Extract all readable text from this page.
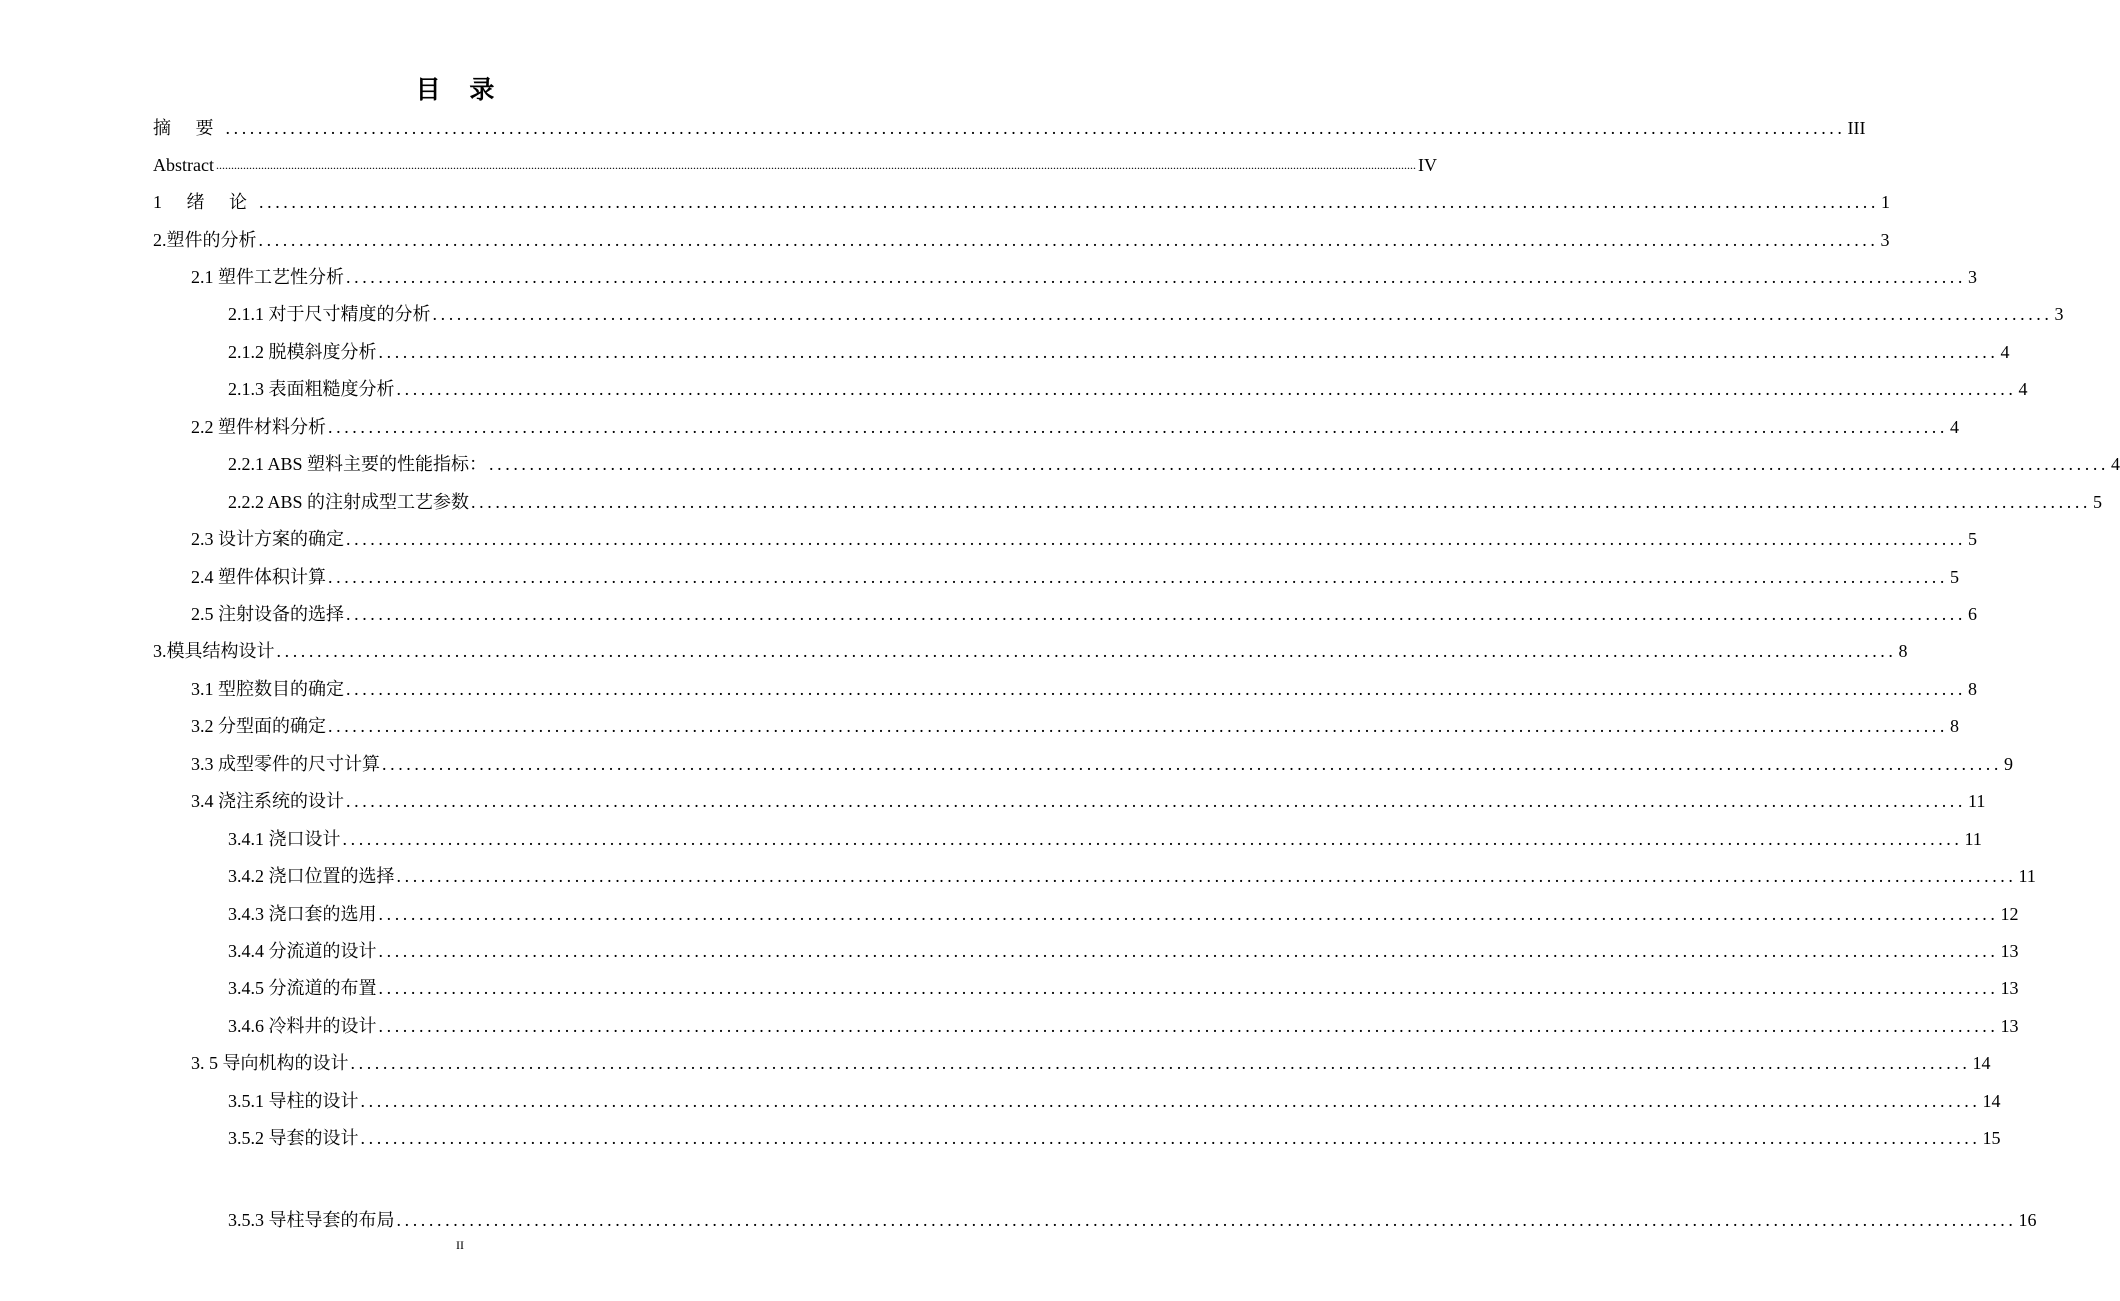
目 录
摘 要 ........................................................................................................................................................................................................ III
Abstract ................................................................................................................................................................................................................................................................................................................................................................................................................ IV
1 绪 论 ........................................................................................................................................................................................................ 1
2.塑件的分析 ........................................................................................................................................................................................................ 3
2.1 塑件工艺性分析 ........................................................................................................................................................................................................ 3
2.1.1 对于尺寸精度的分析 ........................................................................................................................................................................................................ 3
2.1.2 脱模斜度分析 ........................................................................................................................................................................................................ 4
2.1.3 表面粗糙度分析 ........................................................................................................................................................................................................ 4
2.2 塑件材料分析 ........................................................................................................................................................................................................ 4
2.2.1 ABS 塑料主要的性能指标： ........................................................................................................................................................................................................ 4
2.2.2 ABS 的注射成型工艺参数 ........................................................................................................................................................................................................ 5
2.3 设计方案的确定 ........................................................................................................................................................................................................ 5
2.4 塑件体积计算 ........................................................................................................................................................................................................ 5
2.5 注射设备的选择 ........................................................................................................................................................................................................ 6
3.模具结构设计 ........................................................................................................................................................................................................ 8
3.1 型腔数目的确定 ........................................................................................................................................................................................................ 8
3.2 分型面的确定 ........................................................................................................................................................................................................ 8
3.3 成型零件的尺寸计算 ........................................................................................................................................................................................................ 9
3.4 浇注系统的设计 ........................................................................................................................................................................................................ 11
3.4.1 浇口设计 ........................................................................................................................................................................................................ 11
3.4.2 浇口位置的选择 ........................................................................................................................................................................................................ 11
3.4.3 浇口套的选用 ........................................................................................................................................................................................................ 12
3.4.4 分流道的设计 ........................................................................................................................................................................................................ 13
3.4.5 分流道的布置 ........................................................................................................................................................................................................ 13
3.4.6 冷料井的设计 ........................................................................................................................................................................................................ 13
3. 5 导向机构的设计 ........................................................................................................................................................................................................ 14
3.5.1 导柱的设计 ........................................................................................................................................................................................................ 14
3.5.2 导套的设计 ........................................................................................................................................................................................................ 15
3.5.3 导柱导套的布局 ........................................................................................................................................................................................................ 16
II
